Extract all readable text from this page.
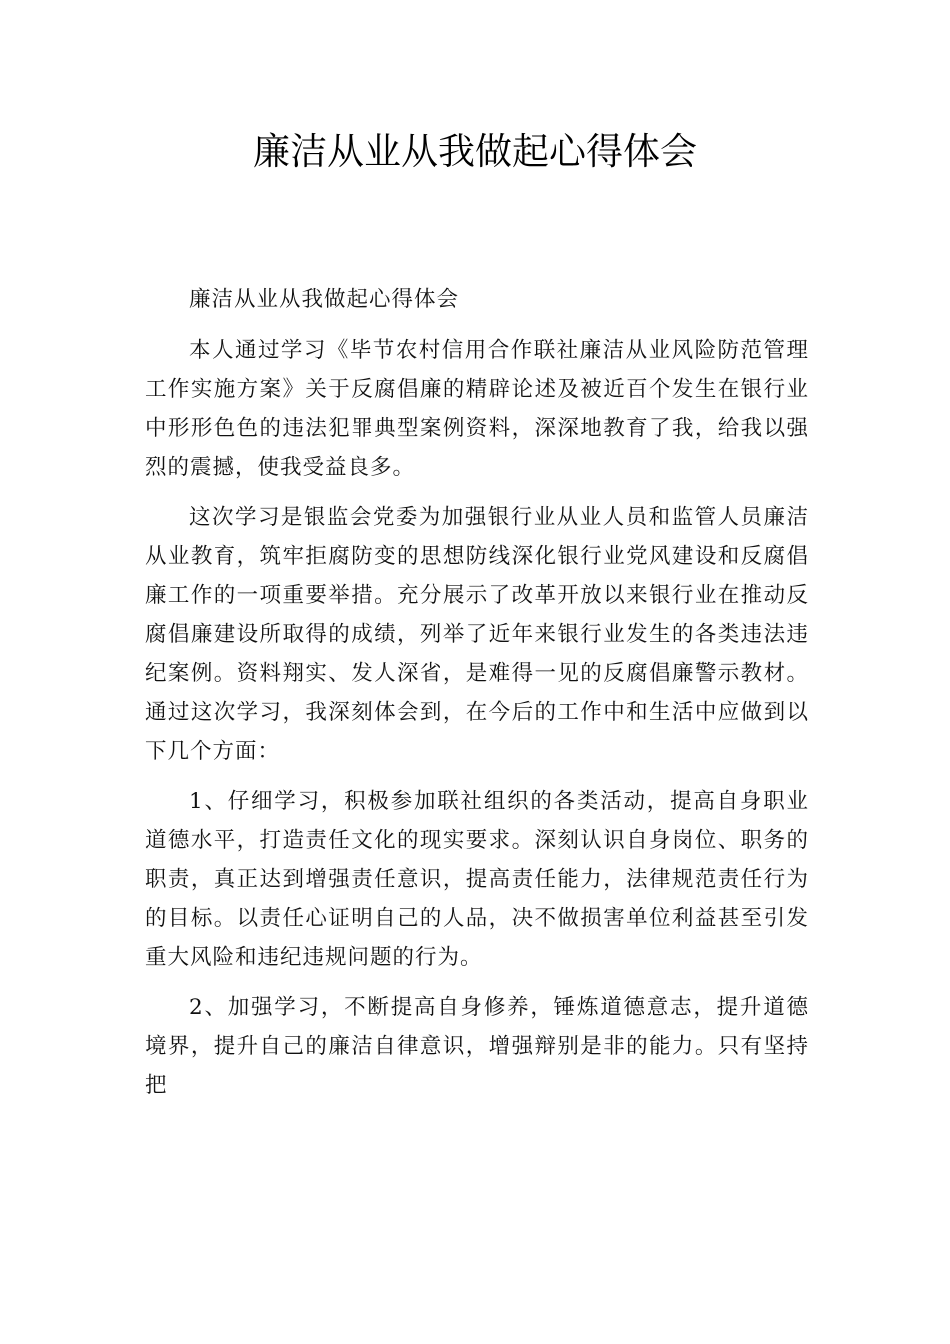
廉洁从业从我做起心得体会

廉洁从业从我做起心得体会

本人通过学习《毕节农村信用合作联社廉洁从业风险防范管理工作实施方案》关于反腐倡廉的精辟论述及被近百个发生在银行业中形形色色的违法犯罪典型案例资料，深深地教育了我，给我以强烈的震撼，使我受益良多。

这次学习是银监会党委为加强银行业从业人员和监管人员廉洁从业教育，筑牢拒腐防变的思想防线深化银行业党风建设和反腐倡廉工作的一项重要举措。充分展示了改革开放以来银行业在推动反腐倡廉建设所取得的成绩，列举了近年来银行业发生的各类违法违纪案例。资料翔实、发人深省，是难得一见的反腐倡廉警示教材。通过这次学习，我深刻体会到，在今后的工作中和生活中应做到以下几个方面：

1、仔细学习，积极参加联社组织的各类活动，提高自身职业道德水平，打造责任文化的现实要求。深刻认识自身岗位、职务的职责，真正达到增强责任意识，提高责任能力，法律规范责任行为的目标。以责任心证明自己的人品，决不做损害单位利益甚至引发重大风险和违纪违规问题的行为。

2、加强学习，不断提高自身修养，锤炼道德意志，提升道德境界，提升自己的廉洁自律意识，增强辩别是非的能力。只有坚持把
